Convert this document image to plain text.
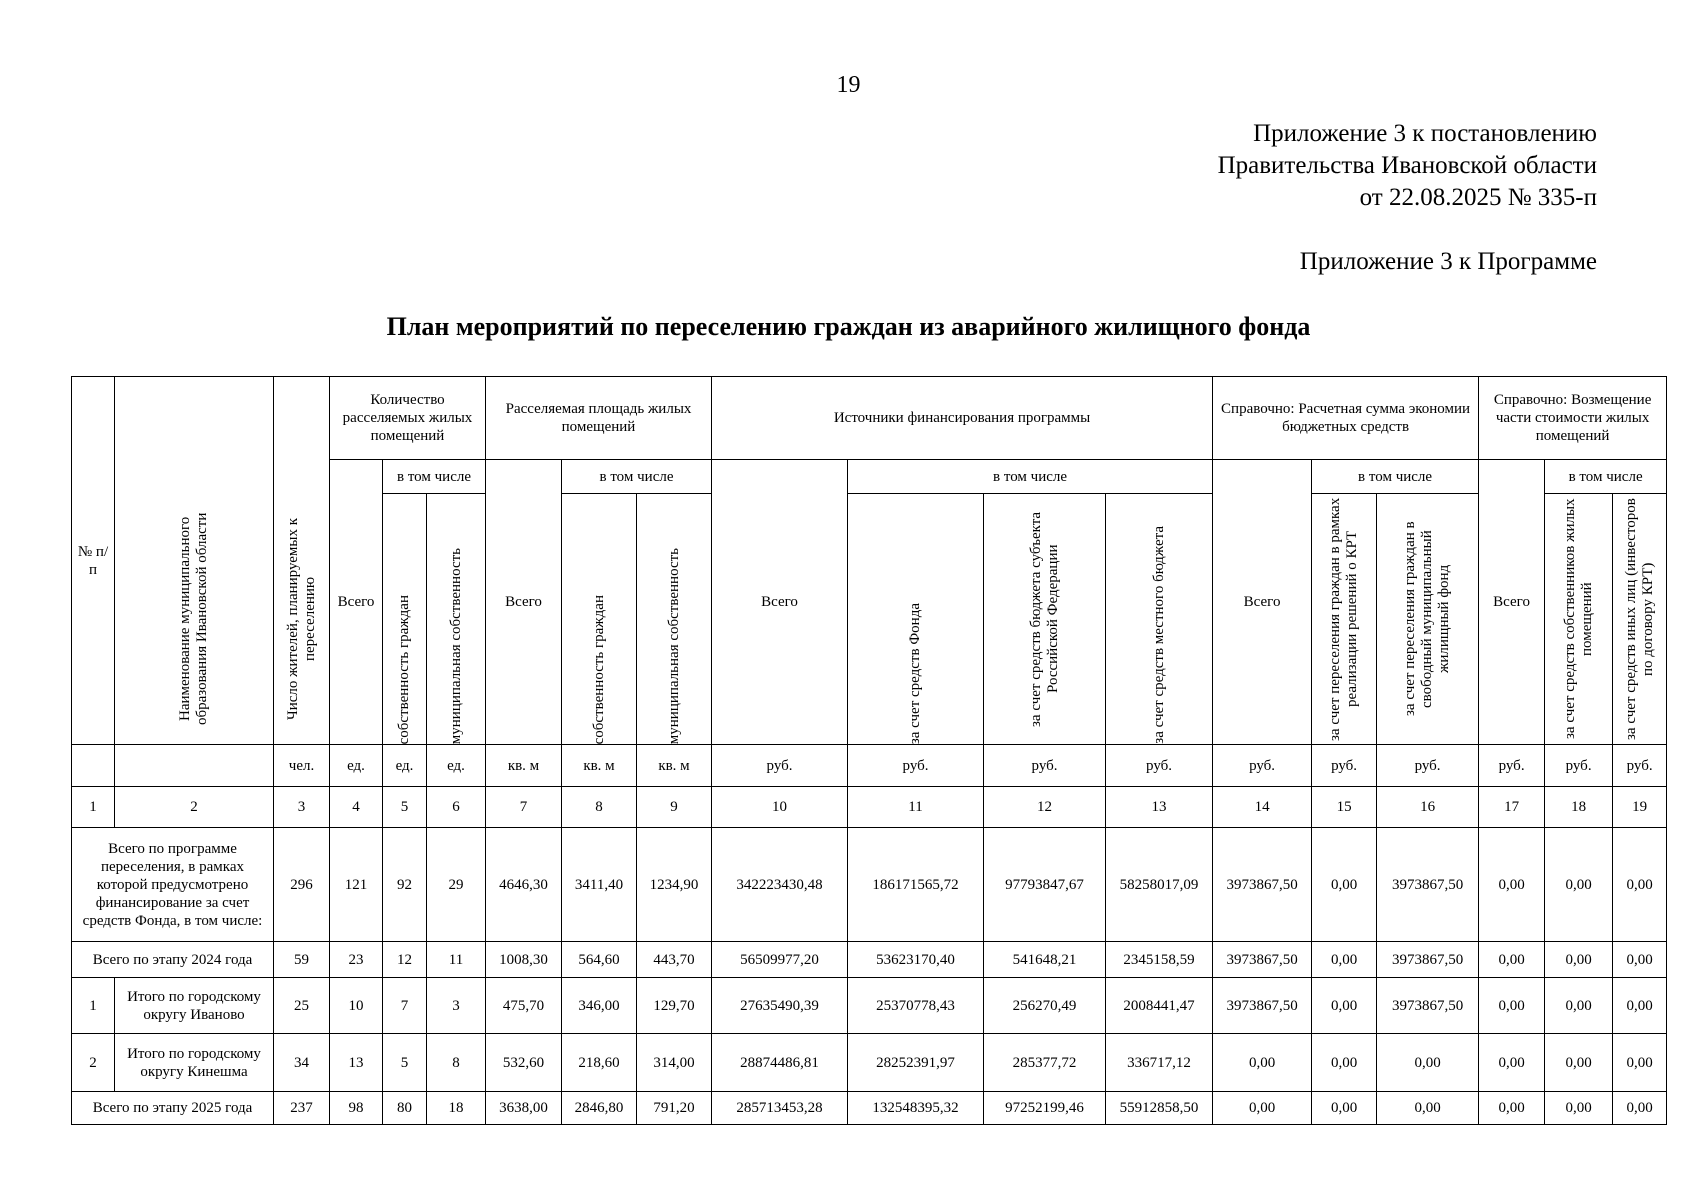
19
Приложение 3 к постановлению
Правительства Ивановской области
от 22.08.2025 № 335-п
Приложение 3 к Программе
План мероприятий по переселению граждан из аварийного жилищного фонда
№ п/п	Наименование муниципального образования Ивановской области	Число жителей, планируемых к переселению	Количество расселяемых жилых помещений			Расселяемая площадь жилых помещений			Источники финансирования программы				Справочно: Расчетная сумма экономии бюджетных средств			Справочно: Возмещение части стоимости жилых помещений		
			Всего	в том числе		Всего	в том числе		Всего	в том числе			Всего	в том числе		Всего	в том числе	

				собственность граждан	муниципальная собственность		собственность граждан	муниципальная собственность		за счет средств Фонда	за счет средств бюджета субъекта Российской Федерации	за счет средств местного бюджета		за счет переселения граждан в рамках реализации решений о КРТ	за счет переселения граждан в свободный муниципальный жилищный фонд		за счет средств собственников жилых помещений	за счет средств иных лиц (инвесторов по договору КРТ)

		чел.	ед.	ед.	ед.	кв. м	кв. м	кв. м	руб.	руб.	руб.	руб.	руб.	руб.	руб.	руб.	руб.	руб.
1	2	3	4	5	6	7	8	9	10	11	12	13	14	15	16	17	18	19
Всего по программе переселения, в рамках которой предусмотрено финансирование за счет средств Фонда, в том числе:		296	121	92	29	4646,30	3411,40	1234,90	342223430,48	186171565,72	97793847,67	58258017,09	3973867,50	0,00	3973867,50	0,00	0,00	0,00
Всего по этапу 2024 года		59	23	12	11	1008,30	564,60	443,70	56509977,20	53623170,40	541648,21	2345158,59	3973867,50	0,00	3973867,50	0,00	0,00	0,00
1	Итого по городскому округу Иваново	25	10	7	3	475,70	346,00	129,70	27635490,39	25370778,43	256270,49	2008441,47	3973867,50	0,00	3973867,50	0,00	0,00	0,00
2	Итого по городскому округу Кинешма	34	13	5	8	532,60	218,60	314,00	28874486,81	28252391,97	285377,72	336717,12	0,00	0,00	0,00	0,00	0,00	0,00
Всего по этапу 2025 года		237	98	80	18	3638,00	2846,80	791,20	285713453,28	132548395,32	97252199,46	55912858,50	0,00	0,00	0,00	0,00	0,00	0,00
